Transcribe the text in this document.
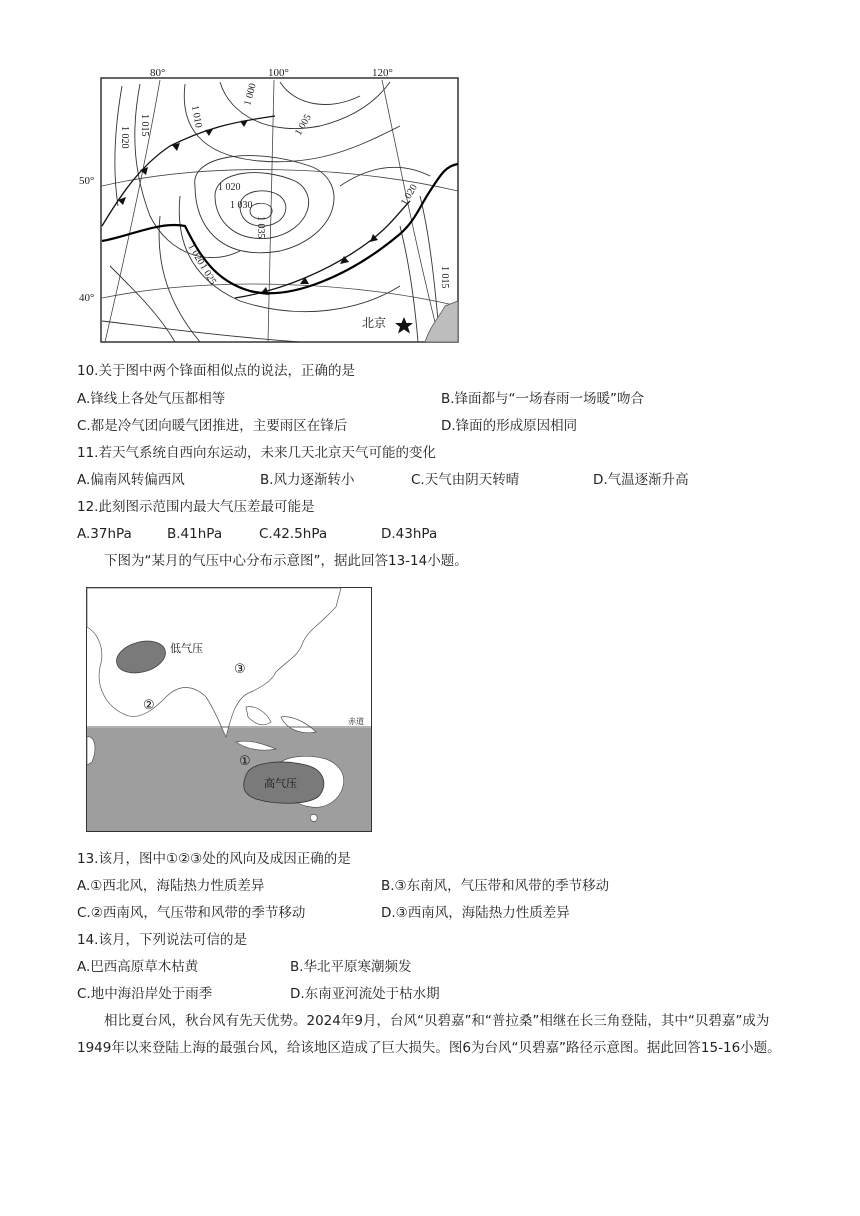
80°	100°	120°
1 020
1 015	1 010	1 005
1 000
1 020
1 030
1 035
1 025
1 020
1 020
1 015
北京
50°
40°
10.关于图中两个锋面相似点的说法，正确的是
A.锋线上各处气压都相等	B.锋面都与“一场春雨一场暖”吻合
C.都是冷气团向暖气团推进，主要雨区在锋后	D.锋面的形成原因相同
11.若天气系统自西向东运动，未来几天北京天气可能的变化
A.偏南风转偏西风	B.风力逐渐转小	C.天气由阴天转晴	D.气温逐渐升高
12.此刻图示范围内最大气压差最可能是
A.37hPa	B.41hPa	C.42.5hPa	D.43hPa
下图为“某月的气压中心分布示意图”，据此回答13-14小题。
低气压
高气压
赤道
③
②
①
13.该月，图中①②③处的风向及成因正确的是
A.①西北风，海陆热力性质差异	B.③东南风，气压带和风带的季节移动
C.②西南风，气压带和风带的季节移动	D.③西南风，海陆热力性质差异
14.该月，下列说法可信的是
A.巴西高原草木枯黄	B.华北平原寒潮频发
C.地中海沿岸处于雨季	D.东南亚河流处于枯水期
相比夏台风，秋台风有先天优势。2024年9月，台风“贝碧嘉”和“普拉桑”相继在长三角登陆，其中“贝碧嘉”成为1949年以来登陆上海的最强台风，给该地区造成了巨大损失。图6为台风“贝碧嘉”路径示意图。据此回答15-16小题。
